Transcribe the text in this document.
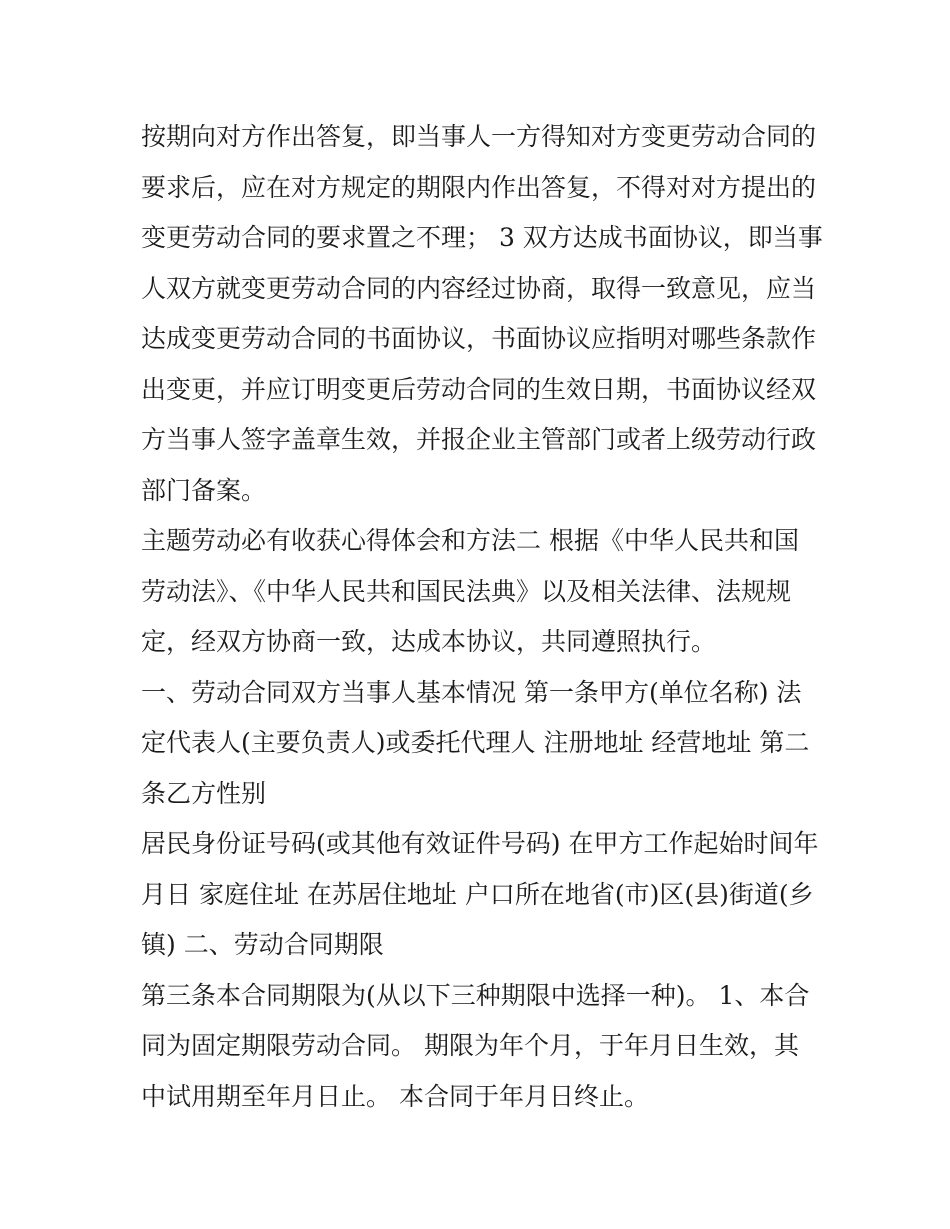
按期向对方作出答复，即当事人一方得知对方变更劳动合同的
要求后，应在对方规定的期限内作出答复，不得对对方提出的
变更劳动合同的要求置之不理； 3 双方达成书面协议，即当事
人双方就变更劳动合同的内容经过协商，取得一致意见，应当
达成变更劳动合同的书面协议，书面协议应指明对哪些条款作
出变更，并应订明变更后劳动合同的生效日期，书面协议经双
方当事人签字盖章生效，并报企业主管部门或者上级劳动行政
部门备案。

主题劳动必有收获心得体会和方法二 根据《中华人民共和国
劳动法》、《中华人民共和国民法典》以及相关法律、法规规
定，经双方协商一致，达成本协议，共同遵照执行。

一、劳动合同双方当事人基本情况 第一条甲方(单位名称) 法
定代表人(主要负责人)或委托代理人 注册地址 经营地址 第二
条乙方性别

居民身份证号码(或其他有效证件号码) 在甲方工作起始时间年
月日 家庭住址 在苏居住地址 户口所在地省(市)区(县)街道(乡
镇) 二、劳动合同期限

第三条本合同期限为(从以下三种期限中选择一种)。 1、本合
同为固定期限劳动合同。 期限为年个月，于年月日生效，其
中试用期至年月日止。 本合同于年月日终止。
